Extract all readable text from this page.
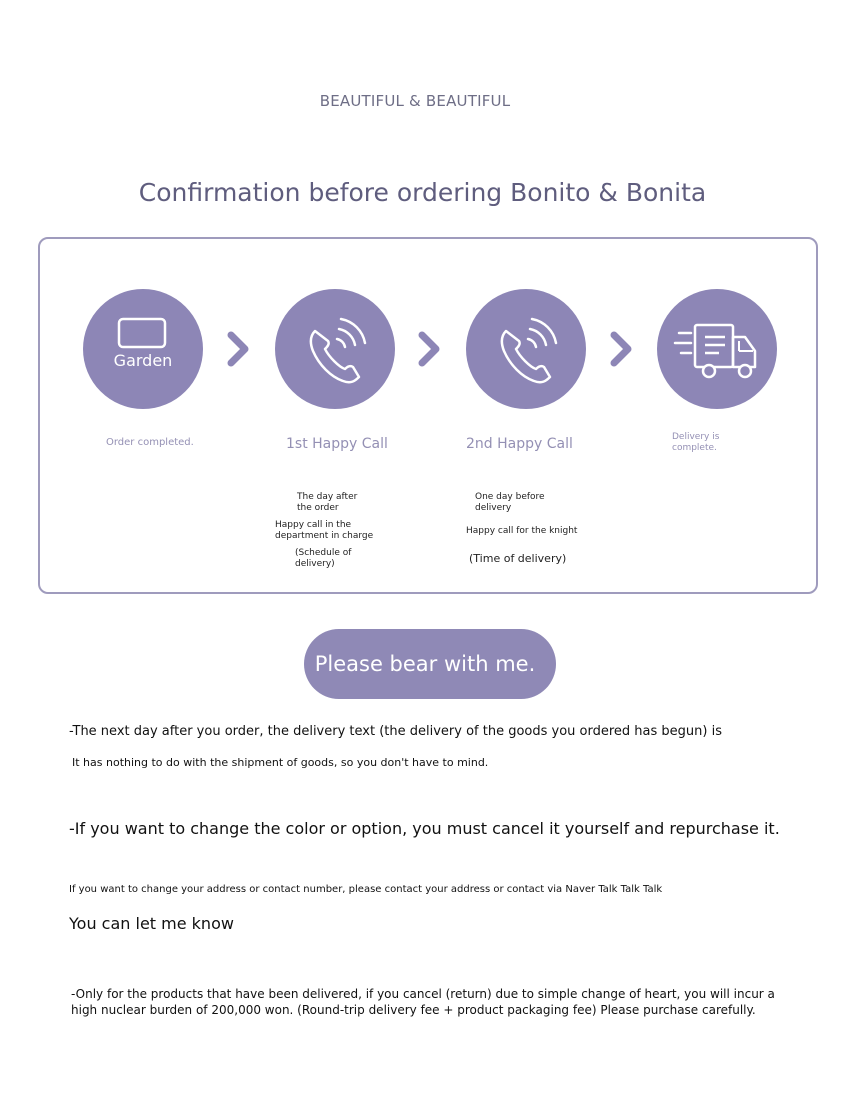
BEAUTIFUL & BEAUTIFUL
Confirmation before ordering Bonito & Bonita
Garden
Order completed.	1st Happy Call	2nd Happy Call	Delivery is
complete.
The day after
the order
Happy call in the
department in charge
(Schedule of
delivery)
One day before
delivery
Happy call for the knight
(Time of delivery)
Please bear with me.
-The next day after you order, the delivery text (the delivery of the goods you ordered has begun) is
It has nothing to do with the shipment of goods, so you don't have to mind.
-If you want to change the color or option, you must cancel it yourself and repurchase it.
If you want to change your address or contact number, please contact your address or contact via Naver Talk Talk Talk
You can let me know
-Only for the products that have been delivered, if you cancel (return) due to simple change of heart, you will incur a
high nuclear burden of 200,000 won. (Round-trip delivery fee + product packaging fee) Please purchase carefully.
